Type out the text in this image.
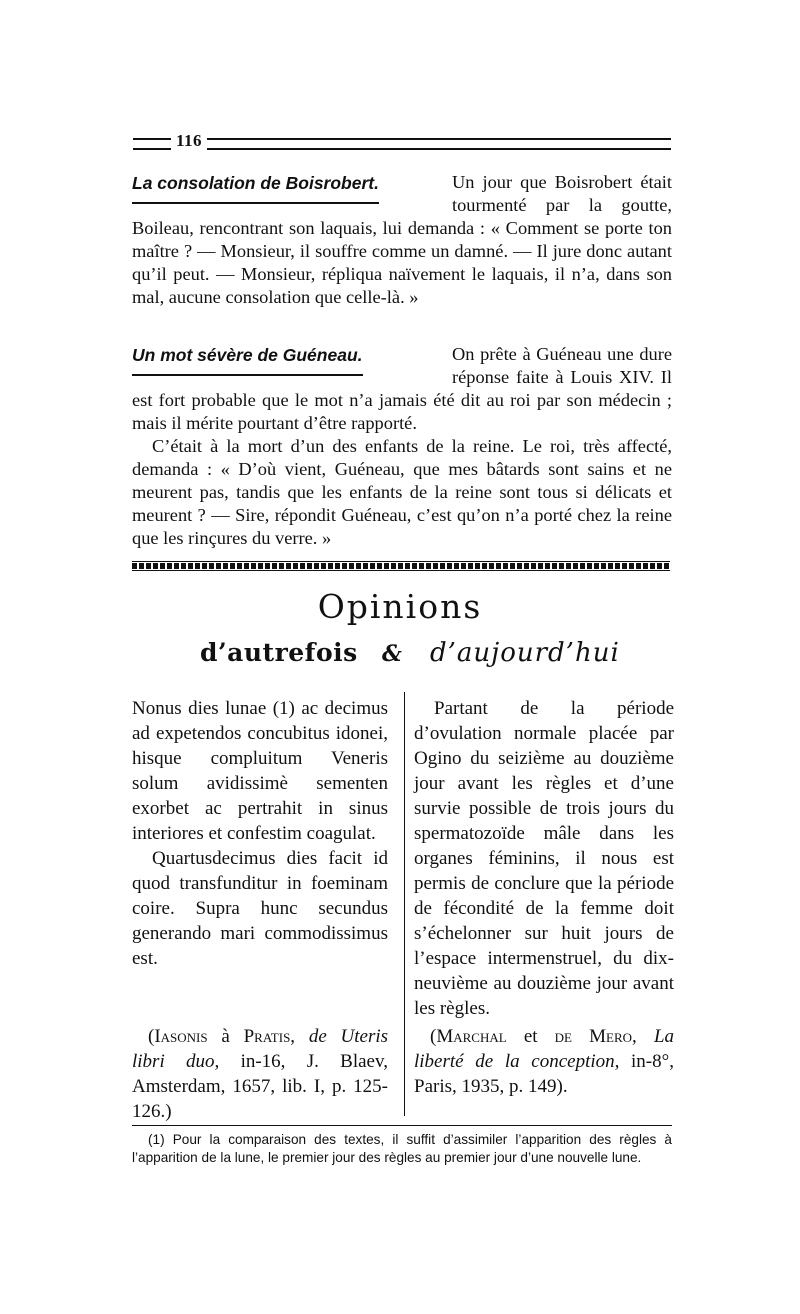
116
La consolation de Boisrobert.	Un jour que Boisrobert était tourmenté par la goutte, Boileau, rencontrant son laquais, lui demanda : « Comment se porte ton maître ? — Monsieur, il souffre comme un damné. — Il jure donc autant qu’il peut. — Monsieur, répliqua naïvement le laquais, il n’a, dans son mal, aucune consolation que celle-là. »

Un mot sévère de Guéneau.	On prête à Guéneau une dure réponse faite à Louis XIV. Il est fort probable que le mot n’a jamais été dit au roi par son médecin ; mais il mérite pourtant d’être rapporté.

C’était à la mort d’un des enfants de la reine. Le roi, très affecté, demanda : « D’où vient, Guéneau, que mes bâtards sont sains et ne meurent pas, tandis que les enfants de la reine sont tous si délicats et meurent ? — Sire, répondit Guéneau, c’est qu’on n’a porté chez la reine que les rinçures du verre. »

Opinions
d’autrefois & d’aujourd’hui

Nonus dies lunae (1) ac decimus ad expetendos concubitus idonei, hisque compluitum Veneris solum avidissimè sementen exorbet ac pertrahit in sinus interiores et confestim coagulat.

Quartusdecimus dies facit id quod transfunditur in foeminam coire. Supra hunc secundus generando mari commodissimus est.

Partant de la période d’ovulation normale placée par Ogino du seizième au douzième jour avant les règles et d’une survie possible de trois jours du spermatozoïde mâle dans les organes féminins, il nous est permis de conclure que la période de fécondité de la femme doit s’échelonner sur huit jours de l’espace intermenstruel, du dix-neuvième au douzième jour avant les règles.

(Iasonis à Pratis, de Uteris libri duo, in-16, J. Blaev, Amsterdam, 1657, lib. I, p. 125-126.)

(Marchal et de Mero, La liberté de la conception, in-8°, Paris, 1935, p. 149).

(1) Pour la comparaison des textes, il suffit d’assimiler l’apparition des règles à l’apparition de la lune, le premier jour des règles au premier jour d’une nouvelle lune.
